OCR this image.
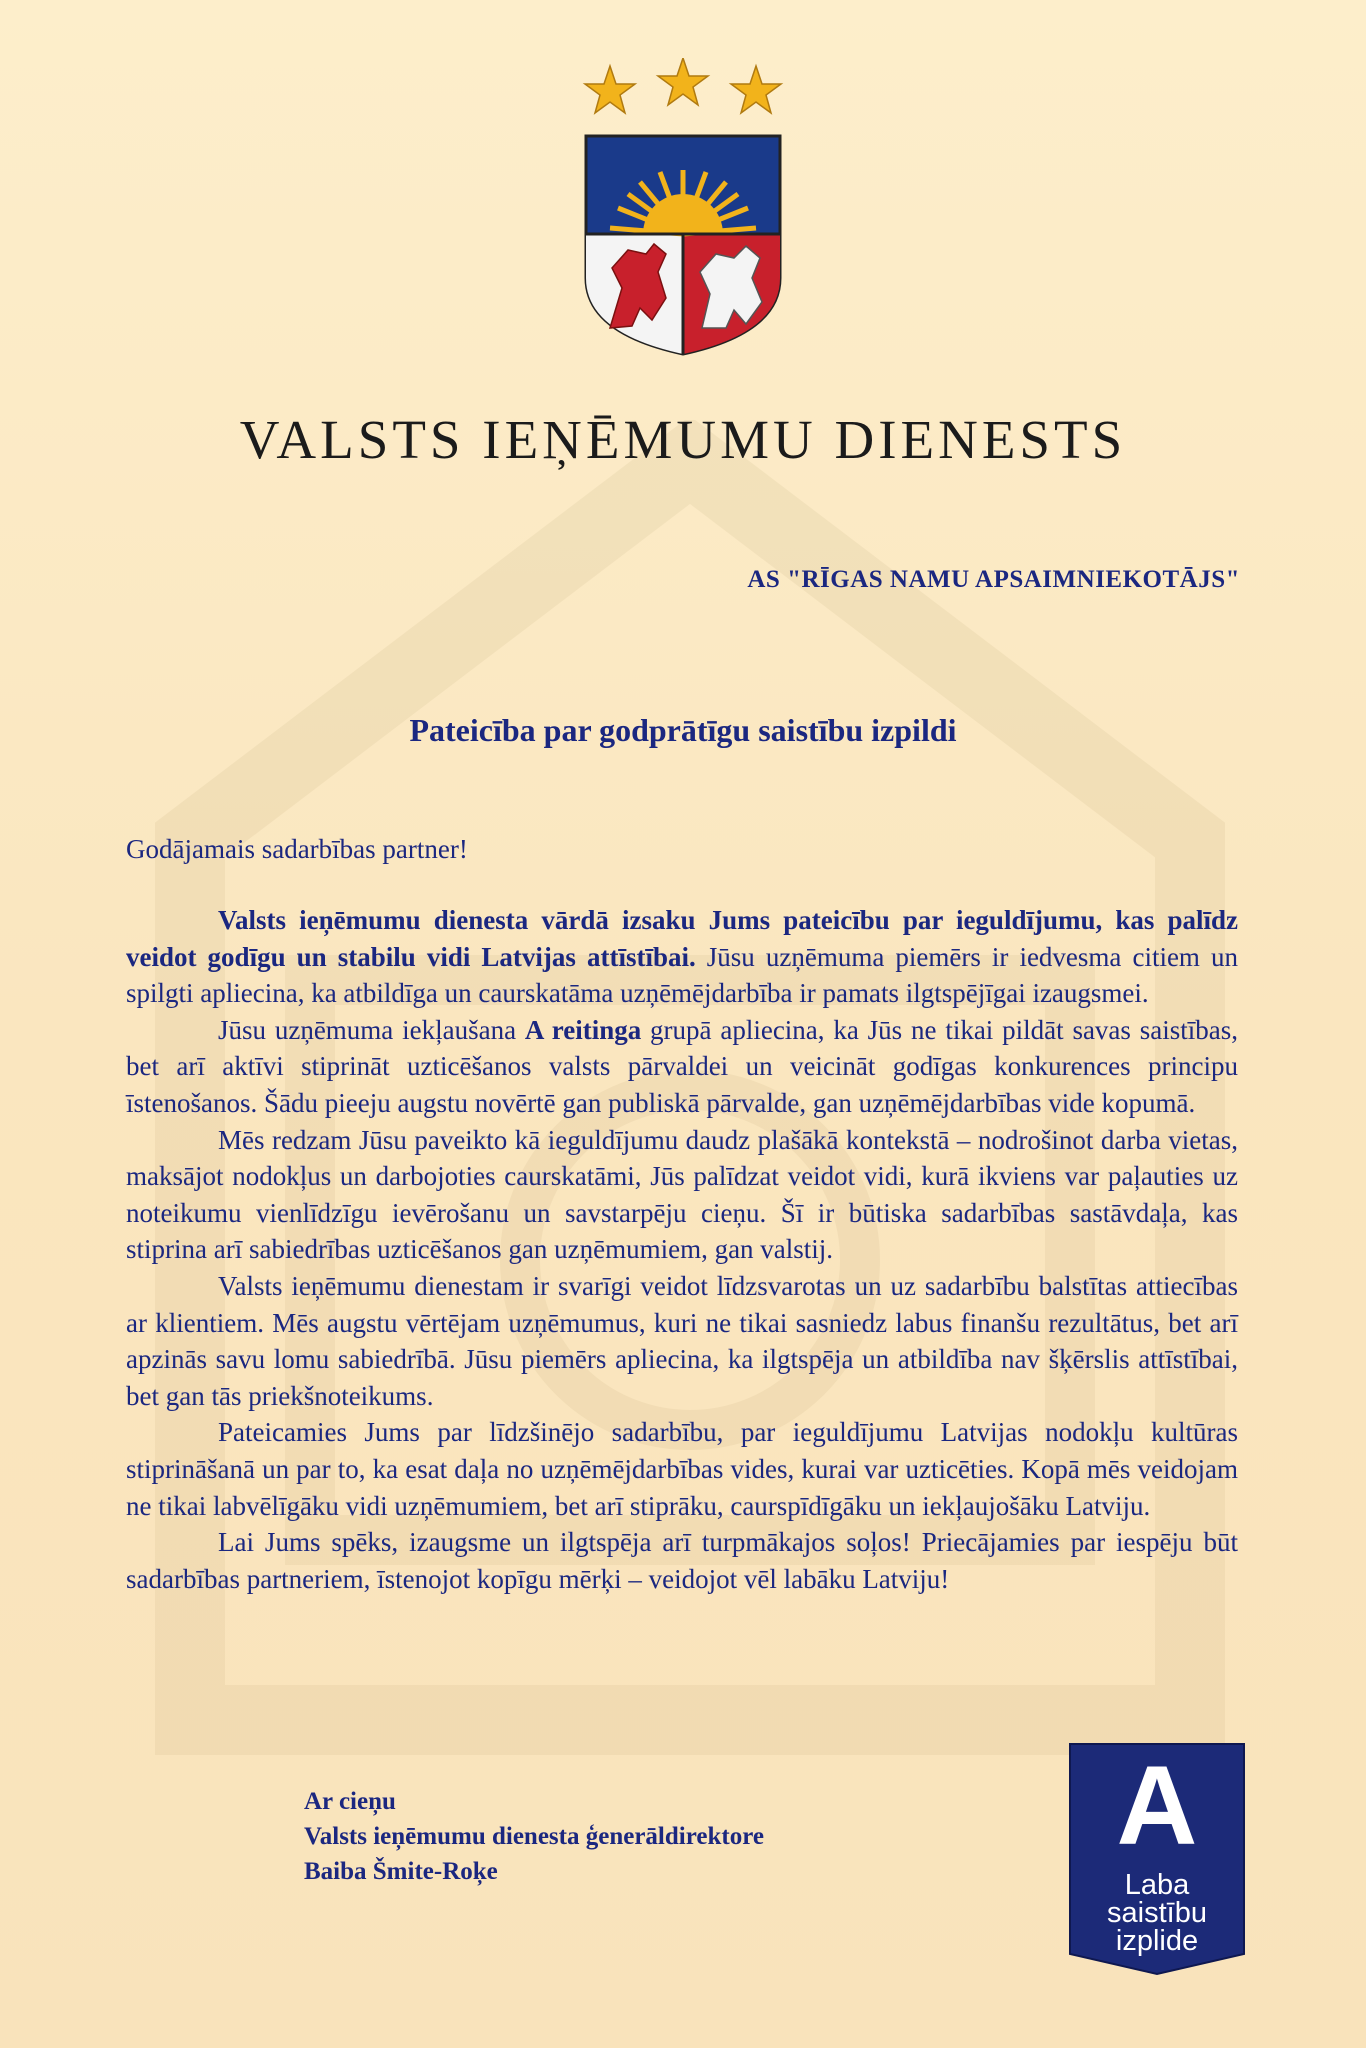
VALSTS IEŅĒMUMU DIENESTS
AS "RĪGAS NAMU APSAIMNIEKOTĀJS"
Pateicība par godprātīgu saistību izpildi
Godājamais sadarbības partner!

Valsts ieņēmumu dienesta vārdā izsaku Jums pateicību par ieguldījumu, kas palīdz veidot godīgu un stabilu vidi Latvijas attīstībai. Jūsu uzņēmuma piemērs ir iedvesma citiem un spilgti apliecina, ka atbildīga un caurskatāma uzņēmējdarbība ir pamats ilgtspējīgai izaugsmei.

Jūsu uzņēmuma iekļaušana A reitinga grupā apliecina, ka Jūs ne tikai pildāt savas saistības, bet arī aktīvi stiprināt uzticēšanos valsts pārvaldei un veicināt godīgas konkurences principu īstenošanos. Šādu pieeju augstu novērtē gan publiskā pārvalde, gan uzņēmējdarbības vide kopumā.

Mēs redzam Jūsu paveikto kā ieguldījumu daudz plašākā kontekstā – nodrošinot darba vietas, maksājot nodokļus un darbojoties caurskatāmi, Jūs palīdzat veidot vidi, kurā ikviens var paļauties uz noteikumu vienlīdzīgu ievērošanu un savstarpēju cieņu. Šī ir būtiska sadarbības sastāvdaļa, kas stiprina arī sabiedrības uzticēšanos gan uzņēmumiem, gan valstij.

Valsts ieņēmumu dienestam ir svarīgi veidot līdzsvarotas un uz sadarbību balstītas attiecības ar klientiem. Mēs augstu vērtējam uzņēmumus, kuri ne tikai sasniedz labus finanšu rezultātus, bet arī apzinās savu lomu sabiedrībā. Jūsu piemērs apliecina, ka ilgtspēja un atbildība nav šķērslis attīstībai, bet gan tās priekšnoteikums.

Pateicamies Jums par līdzšinējo sadarbību, par ieguldījumu Latvijas nodokļu kultūras stiprināšanā un par to, ka esat daļa no uzņēmējdarbības vides, kurai var uzticēties. Kopā mēs veidojam ne tikai labvēlīgāku vidi uzņēmumiem, bet arī stiprāku, caurspīdīgāku un iekļaujošāku Latviju.

Lai Jums spēks, izaugsme un ilgtspēja arī turpmākajos soļos! Priecājamies par iespēju būt sadarbības partneriem, īstenojot kopīgu mērķi – veidojot vēl labāku Latviju!

Ar cieņu
Valsts ieņēmumu dienesta ģenerāldirektore
Baiba Šmite-Roķe
A
Laba
saistību
izplide
